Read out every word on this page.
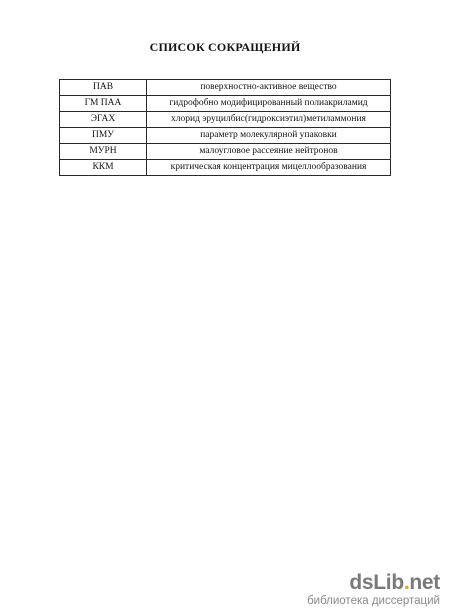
СПИСОК СОКРАЩЕНИЙ
ПАВ	поверхностно-активное вещество
ГМ ПАА	гидрофобно модифицированный полиакриламид
ЭГАХ	хлорид эруцилбис(гидроксиэтил)метиламмония
ПМУ	параметр молекулярной упаковки
МУРН	малоугловое рассеяние нейтронов
ККМ	критическая концентрация мицеллообразования
dsLib.net
библиотека диссертаций
